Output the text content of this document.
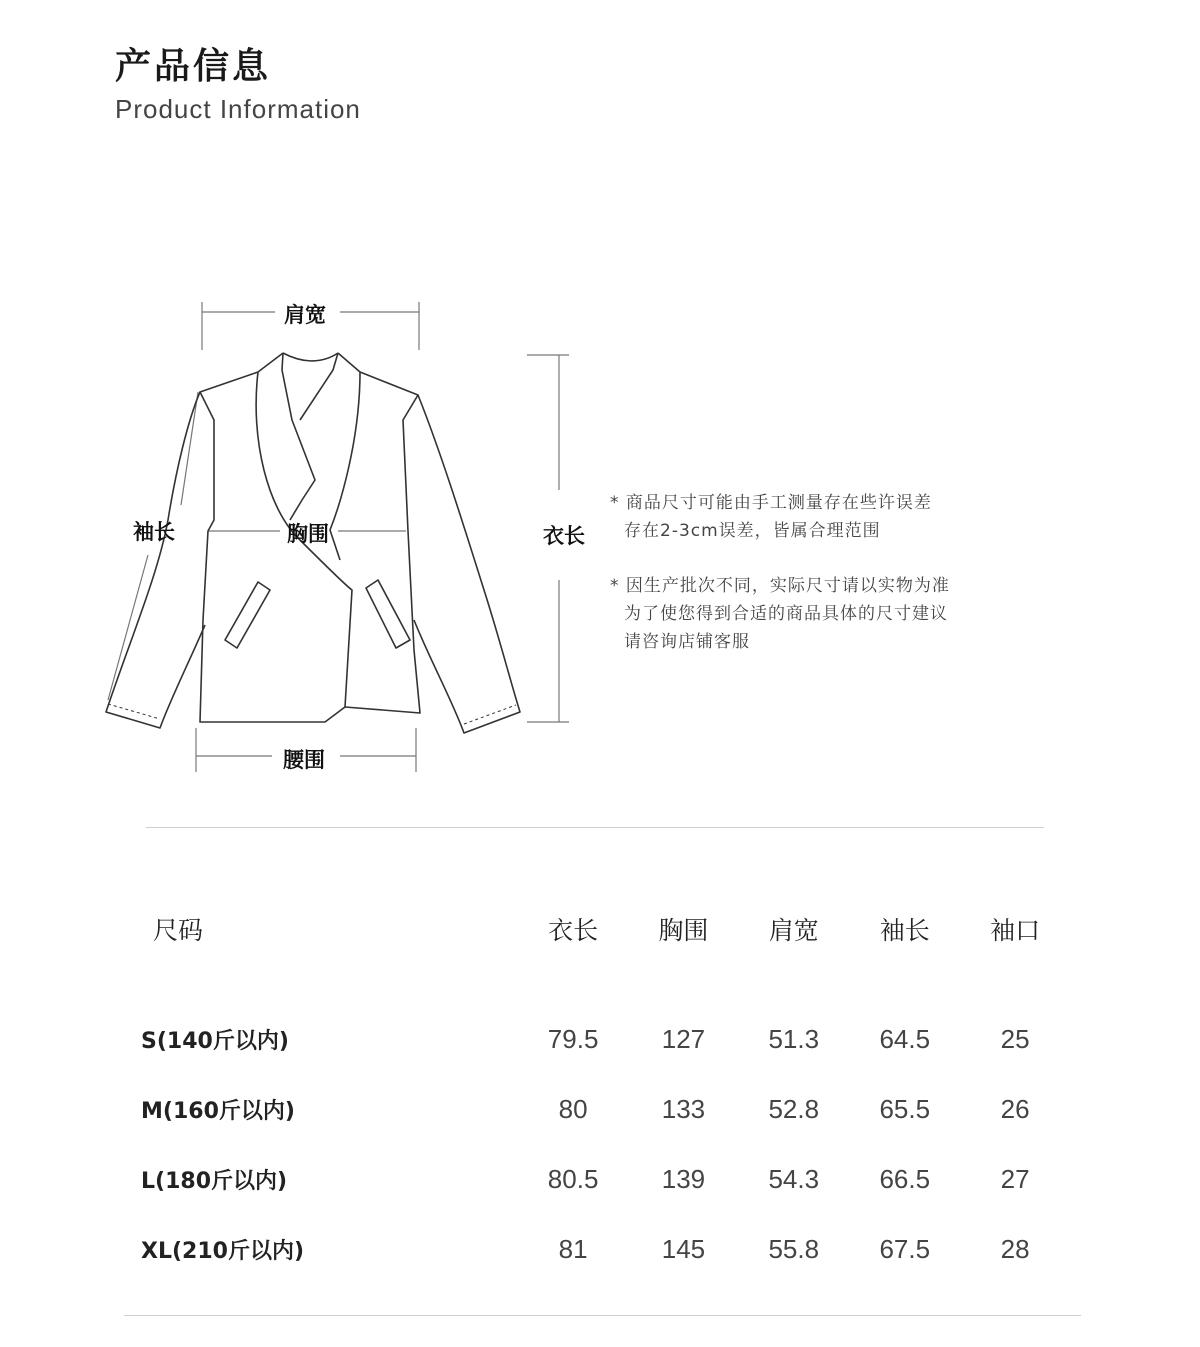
产品信息
Product Information
肩宽
袖长	胸围	衣长
腰围
* 商品尺寸可能由手工测量存在些许误差
存在2-3cm误差，皆属合理范围
* 因生产批次不同，实际尺寸请以实物为准
为了使您得到合适的商品具体的尺寸建议
请咨询店铺客服
尺码	衣长	胸围	肩宽	袖长	袖口

S(140斤以内)	79.5	127	51.3	64.5	25
M(160斤以内)	80	133	52.8	65.5	26
L(180斤以内)	80.5	139	54.3	66.5	27
XL(210斤以内)	81	145	55.8	67.5	28
